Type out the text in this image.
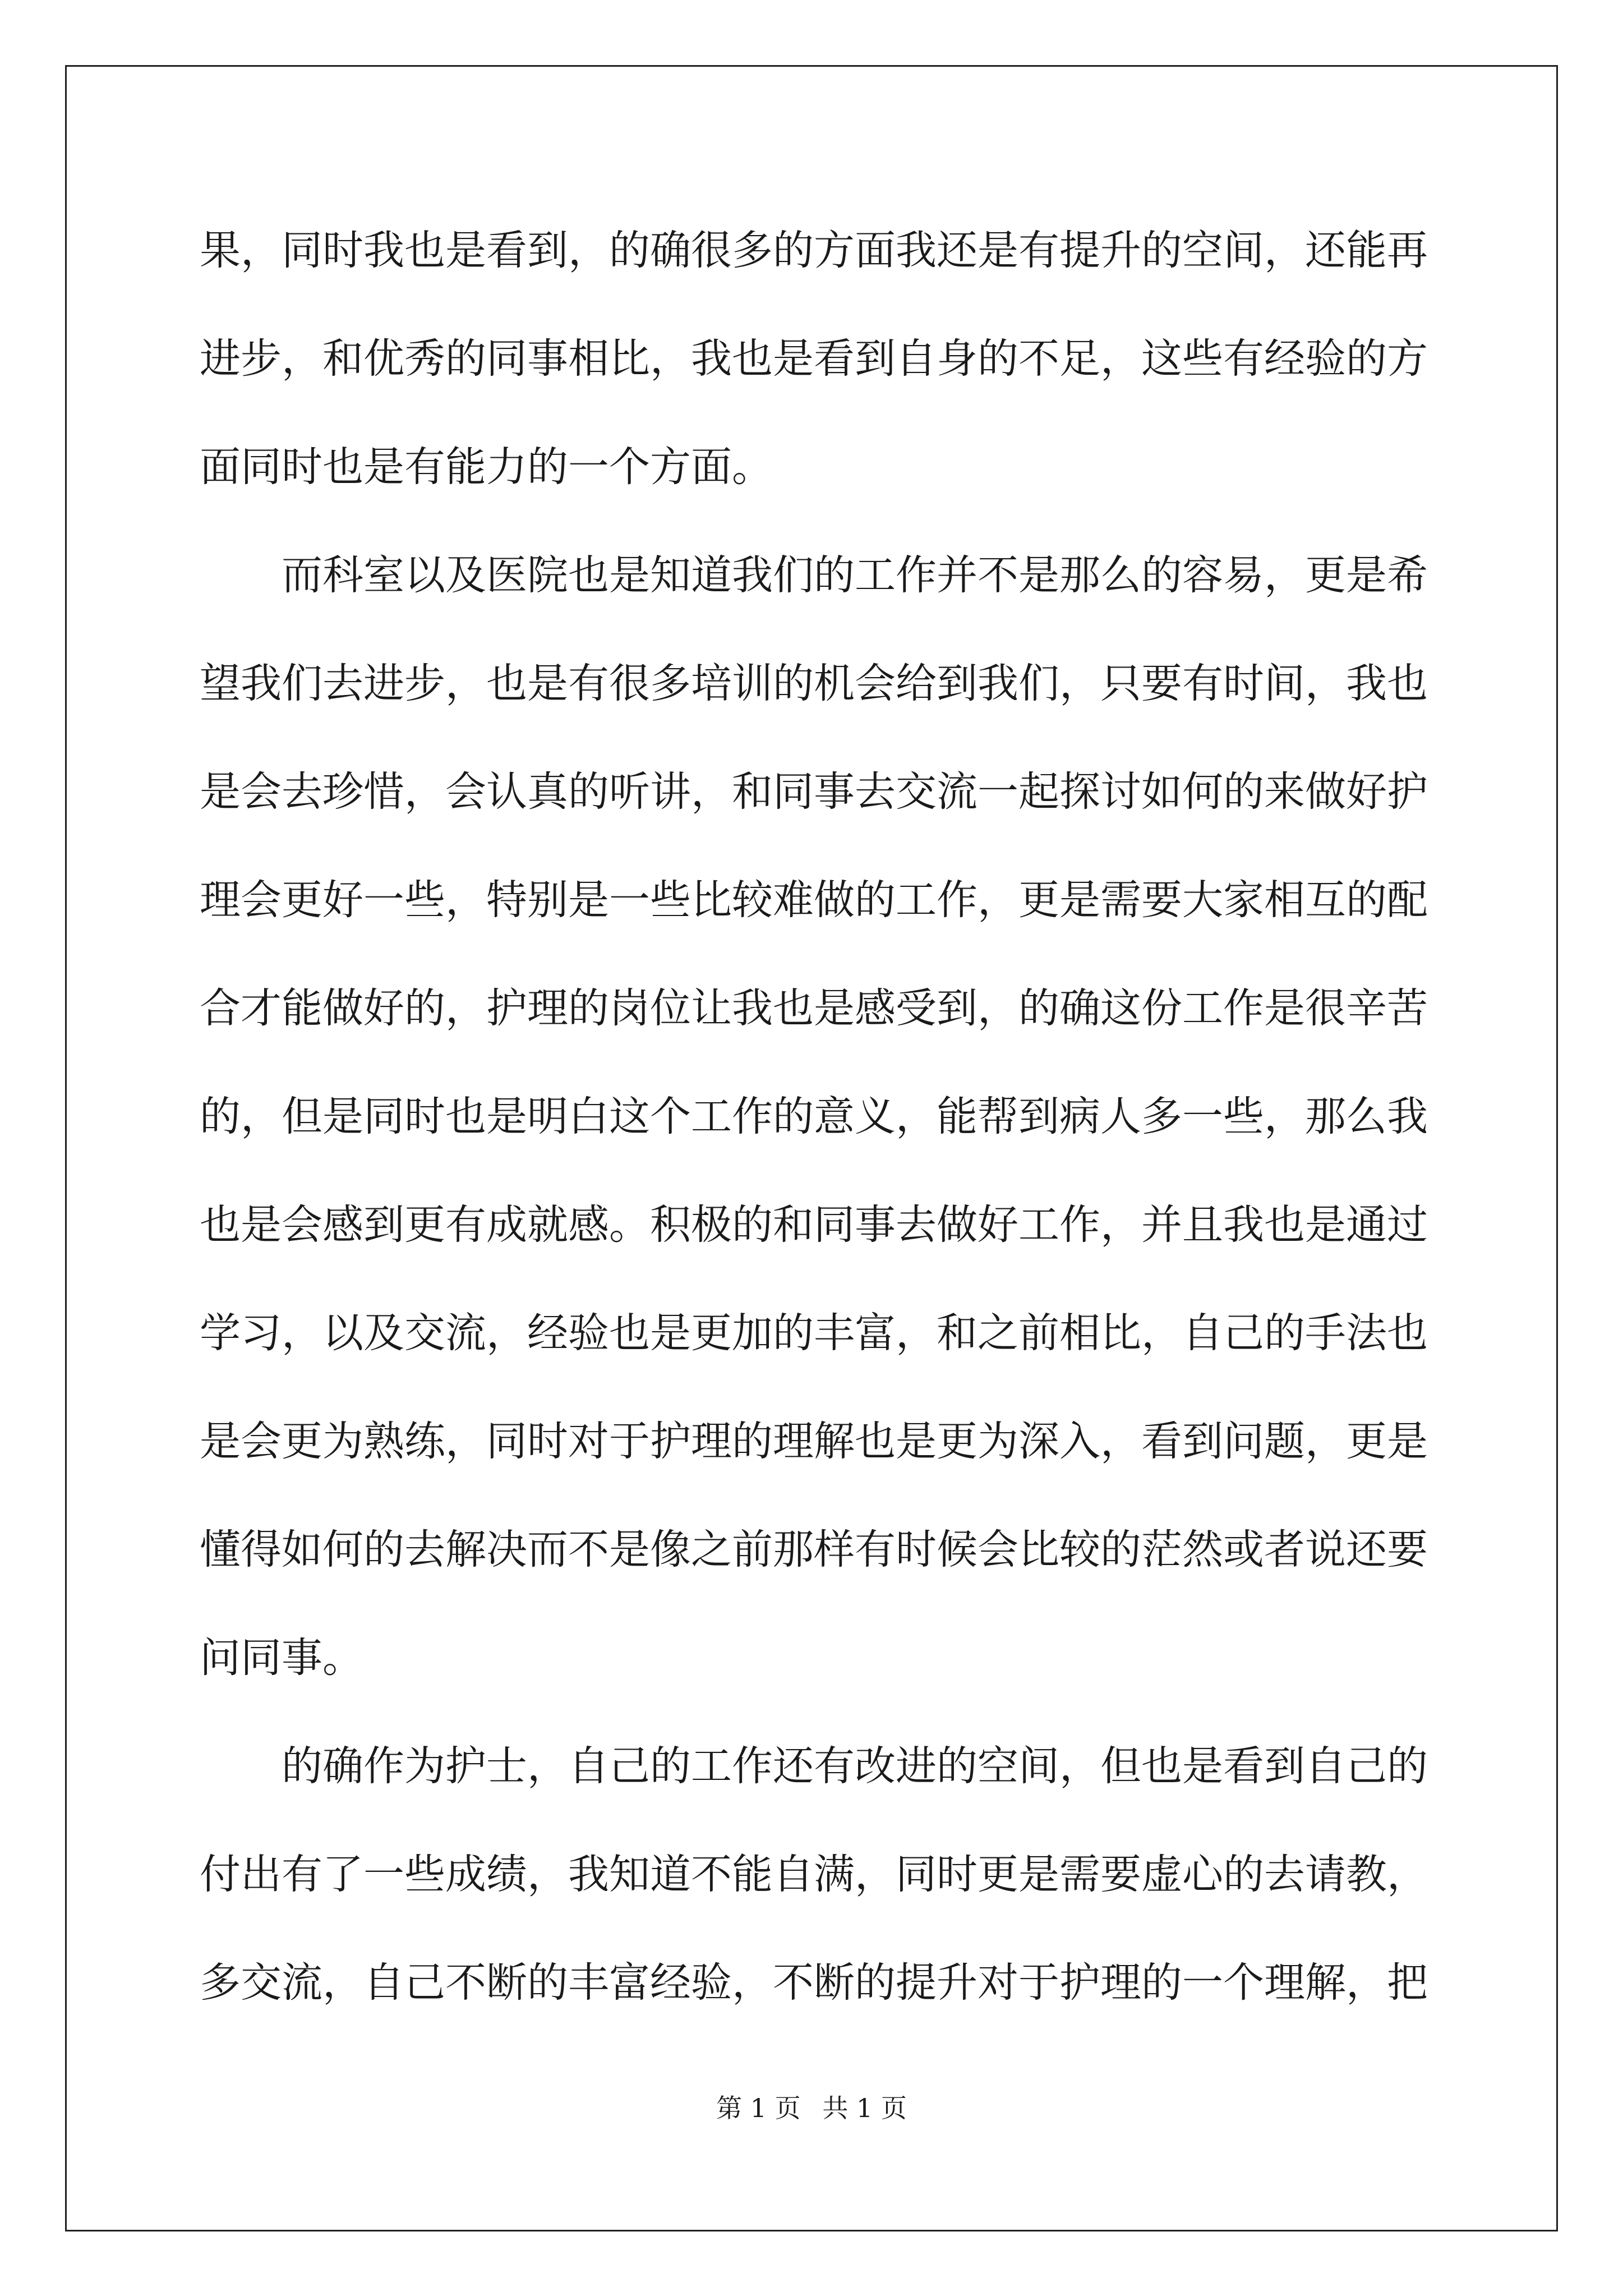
果，同时我也是看到，的确很多的方面我还是有提升的空间，还能再
进步，和优秀的同事相比，我也是看到自身的不足，这些有经验的方
面同时也是有能力的一个方面。
而科室以及医院也是知道我们的工作并不是那么的容易，更是希
望我们去进步，也是有很多培训的机会给到我们，只要有时间，我也
是会去珍惜，会认真的听讲，和同事去交流一起探讨如何的来做好护
理会更好一些，特别是一些比较难做的工作，更是需要大家相互的配
合才能做好的，护理的岗位让我也是感受到，的确这份工作是很辛苦
的，但是同时也是明白这个工作的意义，能帮到病人多一些，那么我
也是会感到更有成就感。积极的和同事去做好工作，并且我也是通过
学习，以及交流，经验也是更加的丰富，和之前相比，自己的手法也
是会更为熟练，同时对于护理的理解也是更为深入，看到问题，更是
懂得如何的去解决而不是像之前那样有时候会比较的茫然或者说还要
问同事。
的确作为护士，自己的工作还有改进的空间，但也是看到自己的
付出有了一些成绩，我知道不能自满，同时更是需要虚心的去请教，
多交流，自己不断的丰富经验，不断的提升对于护理的一个理解，把
第 1 页 共 1 页
